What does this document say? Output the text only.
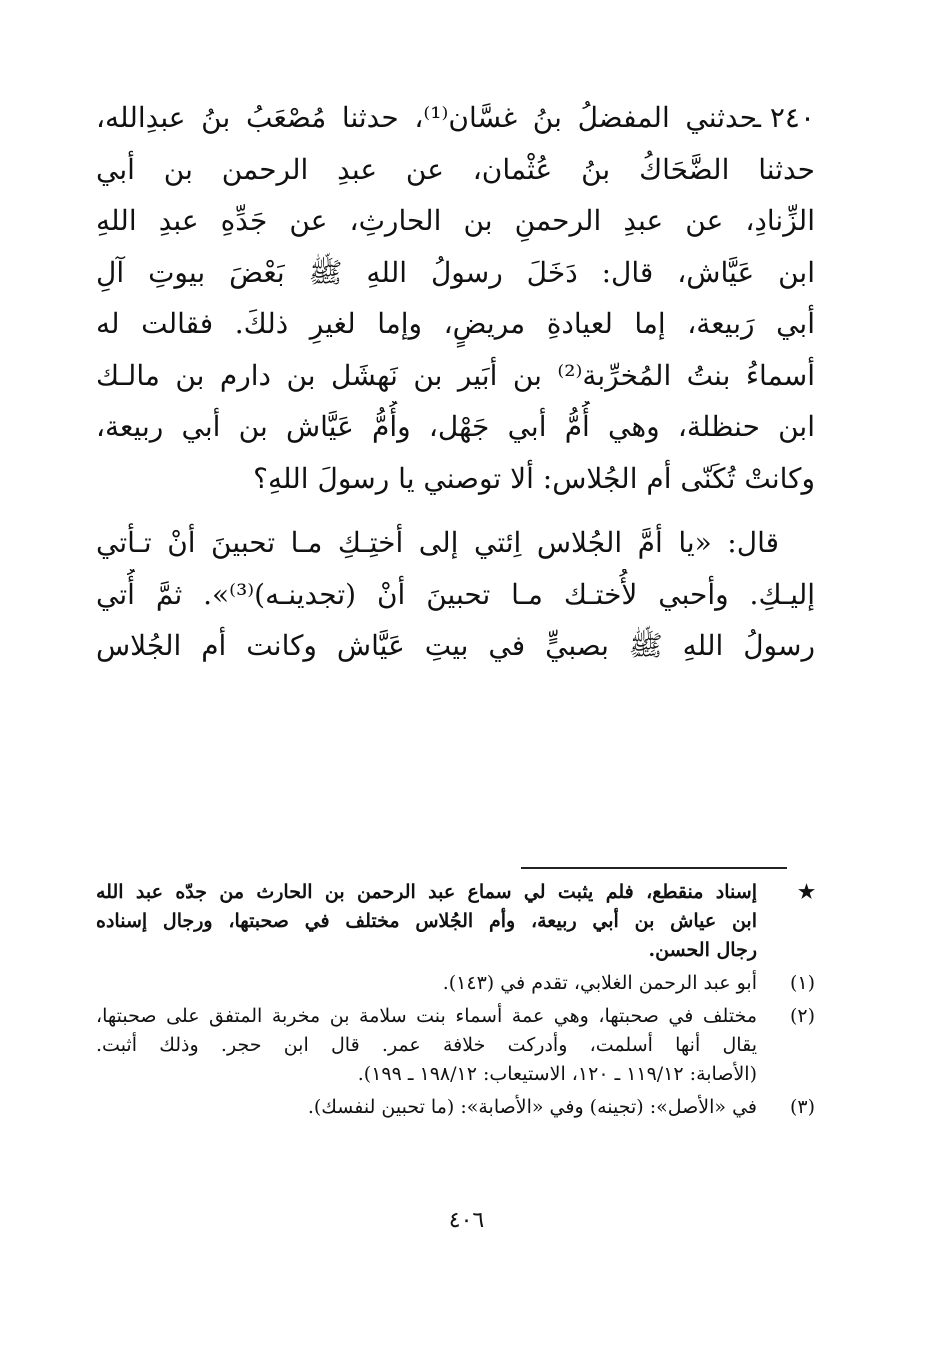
٢٤٠ ـ
حدثني المفضلُ بنُ غسَّان⁽¹⁾، حدثنا مُصْعَبُ بنُ عبدِالله،
حدثنا الضَّحَاكُ بنُ عُثْمان، عن عبدِ الرحمن بن أبي
الزِّنادِ، عن عبدِ الرحمنِ بن الحارثِ، عن جَدِّهِ عبدِ اللهِ
ابن عَيَّاش، قال: دَخَلَ رسولُ اللهِ ﷺ بَعْضَ بيوتِ آلِ
أبي رَبيعة، إما لعيادةِ مريضٍ، وإما لغيرِ ذلكَ. فقالت له
أسماءُ بنتُ المُخرِّبة⁽²⁾ بن أبَير بن نَهشَل بن دارم بن مالـك
ابن حنظلة، وهي أُمُّ أبي جَهْل، وأُمُّ عَيَّاش بن أبي ربيعة،
وكانتْ تُكَنّى أم الجُلاس: ألا توصني يا رسولَ اللهِ؟
قال: «يا أمَّ الجُلاس اِئتي إلى أختِـكِ مـا تحبينَ أنْ تـأتي
إليـكِ. وأحبي لأُختـك مـا تحبينَ أنْ (تجدينـه)⁽³⁾». ثمَّ أُتي
رسولُ اللهِ ﷺ بصبيٍّ في بيتِ عَيَّاش وكانت أم الجُلاس
★
إسناد منقطع، فلم يثبت لي سماع عبد الرحمن بن الحارث من جدّه عبد الله
ابن عياش بن أبي ربيعة، وأم الجُلاس مختلف في صحبتها، ورجال إسناده
رجال الحسن.
(١)
أبو عبد الرحمن الغلابي، تقدم في (١٤٣).
(٢)
مختلف في صحبتها، وهي عمة أسماء بنت سلامة بن مخربة المتفق على صحبتها،
يقال أنها أسلمت، وأدركت خلافة عمر. قال ابن حجر. وذلك أثبت.
(الأصابة: ١١٩/١٢ ـ ١٢٠، الاستيعاب: ١٩٨/١٢ ـ ١٩٩).
(٣)
في «الأصل»: (تجينه) وفي «الأصابة»: (ما تحبين لنفسك).
٤٠٦
